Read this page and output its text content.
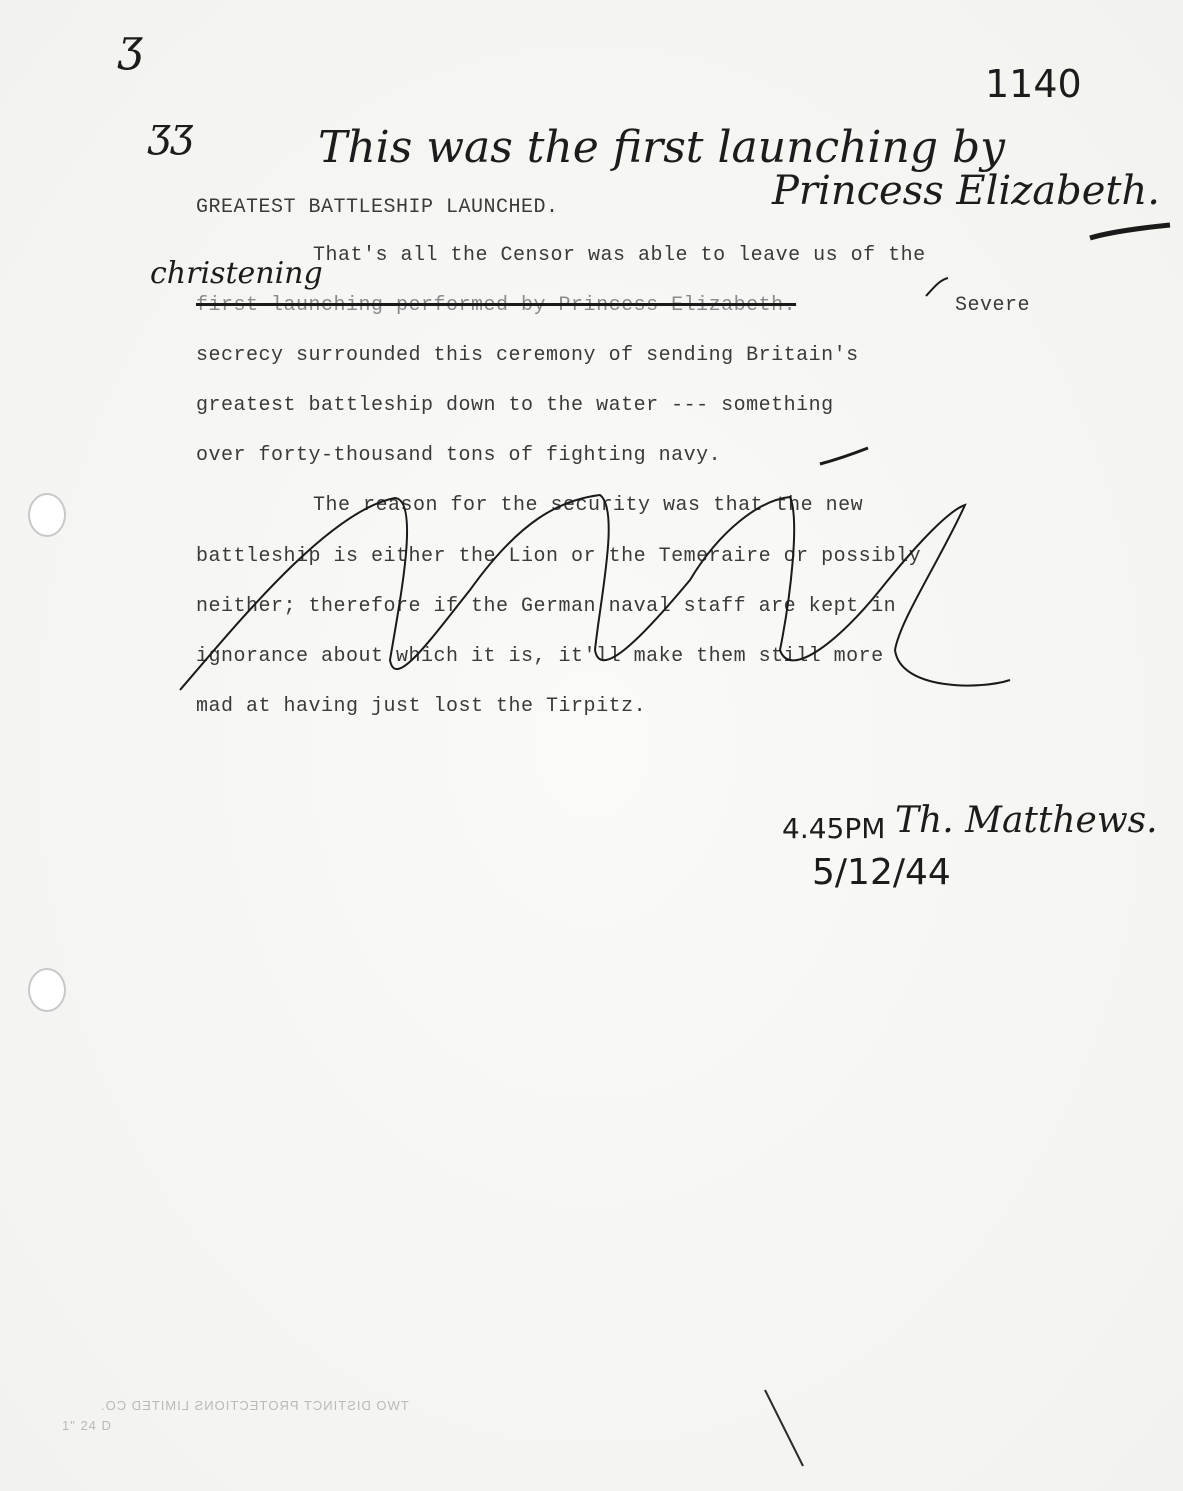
1140
ʒ
ʒʒ	This was the first launching by
Princess Elizabeth.
GREATEST BATTLESHIP LAUNCHED.
christening
That's all the Censor was able to leave us of the
first launching performed by Princess Elizabeth.	Severe
secrecy surrounded this ceremony of sending Britain's
greatest battleship down to the water --- something
over forty-thousand tons of fighting navy.
The reason for the security was that the new
battleship is either the Lion or the Temeraire or possibly
neither; therefore if the German naval staff are kept in
ignorance about which it is, it'll make them still more
mad at having just lost the Tirpitz.
4.45PM Th. Matthews.
5/12/44
TWO DISTINCT PROTECTIONS LIMITED CO.
1" 24 D
